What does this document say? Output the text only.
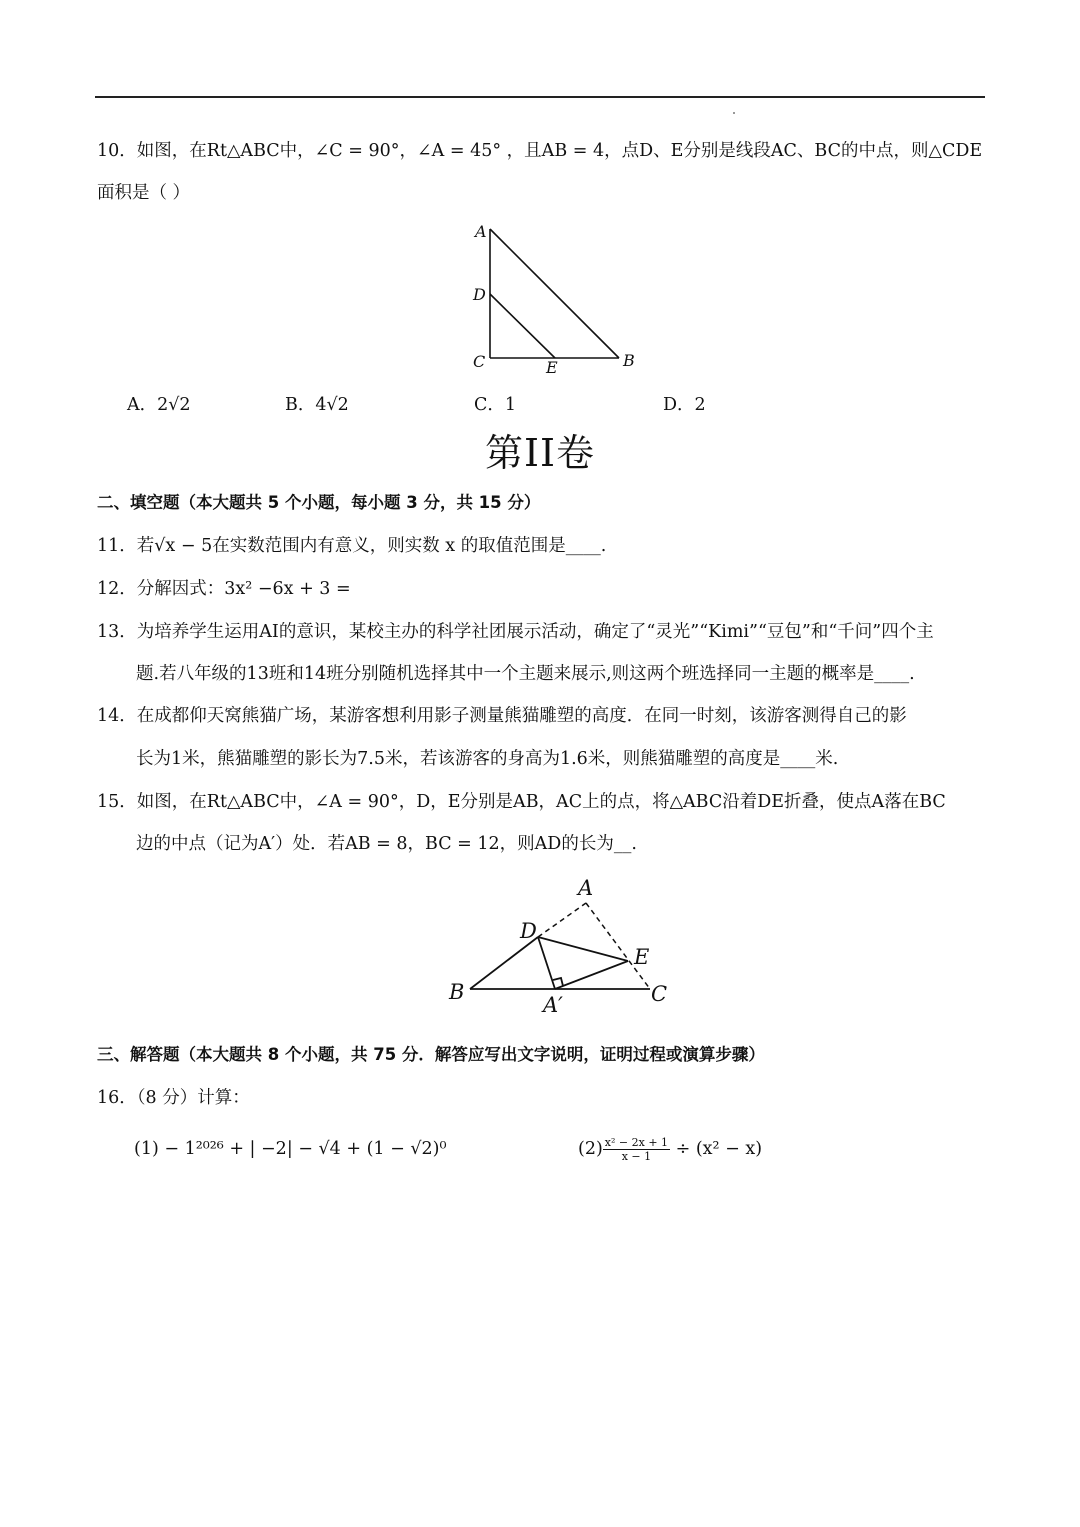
10．如图，在Rt△ABC中，∠C = 90°，∠A = 45° ，且AB = 4，点D、E分别是线段AC、BC的中点，则△CDE
面积是（ ）
A
D
C	E	B
A．2√2	B．4√2	C．1	D．2
第II卷
二、填空题（本大题共 5 个小题，每小题 3 分，共 15 分）
11．若√x − 5在实数范围内有意义，则实数 x 的取值范围是____.
12．分解因式：3x² −6x + 3 =
13．为培养学生运用AI的意识，某校主办的科学社团展示活动，确定了“灵光”“Kimi”“豆包”和“千问”四个主
题.若八年级的13班和14班分别随机选择其中一个主题来展示,则这两个班选择同一主题的概率是____.
14．在成都仰天窝熊猫广场，某游客想利用影子测量熊猫雕塑的高度．在同一时刻，该游客测得自己的影
长为1米，熊猫雕塑的影长为7.5米，若该游客的身高为1.6米，则熊猫雕塑的高度是____米.
15．如图，在Rt△ABC中，∠A = 90°，D，E分别是AB，AC上的点，将△ABC沿着DE折叠，使点A落在BC
边的中点（记为A′）处．若AB = 8，BC = 12，则AD的长为__.
A
D
E
B	C
A′
三、解答题（本大题共 8 个小题，共 75 分．解答应写出文字说明，证明过程或演算步骤）
16．（8 分）计算：
(1) − 1²⁰²⁶ + | −2| − √4 + (1 − √2)⁰	$(2) \frac{\text{x² − 2x + 1}}{x - 1} \div (x^2 - x)$
